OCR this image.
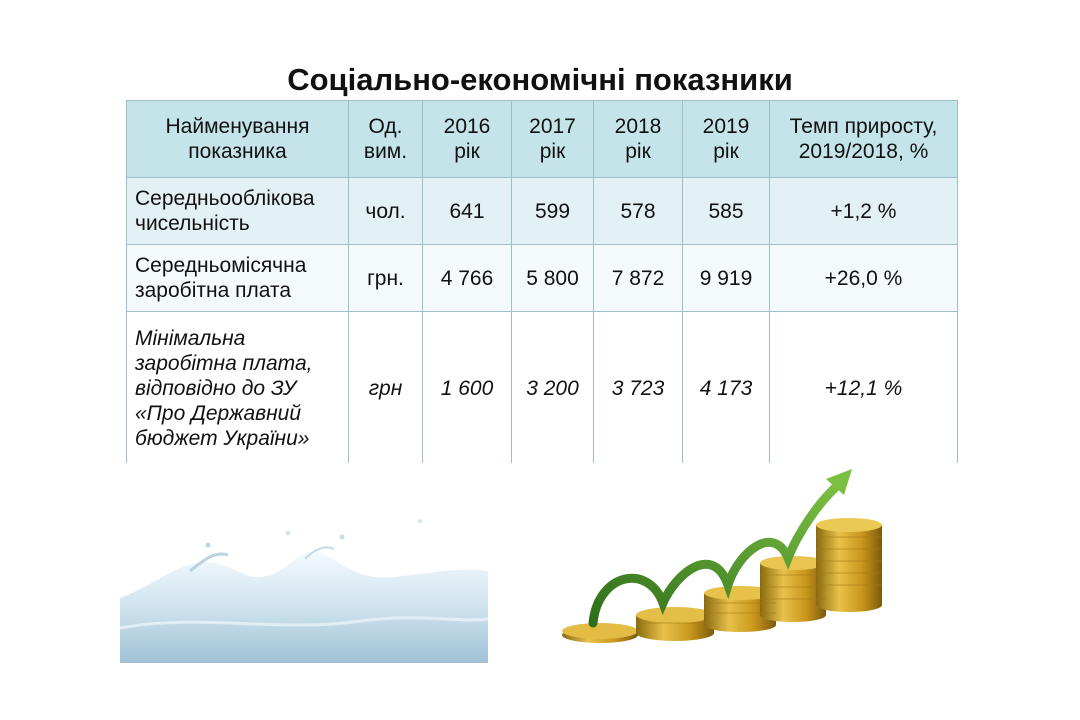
Соціально-економічні показники
Найменування показника	Од. вим.	2016 рік	2017 рік	2018 рік	2019 рік	Темп приросту, 2019/2018, %
Середньооблікова чисельність	чол.	641	599	578	585	+1,2 %
Середньомісячна заробітна плата	грн.	4 766	5 800	7 872	9 919	+26,0 %
Мінімальна заробітна плата, відповідно до ЗУ «Про Державний бюджет України»	грн	1 600	3 200	3 723	4 173	+12,1 %
